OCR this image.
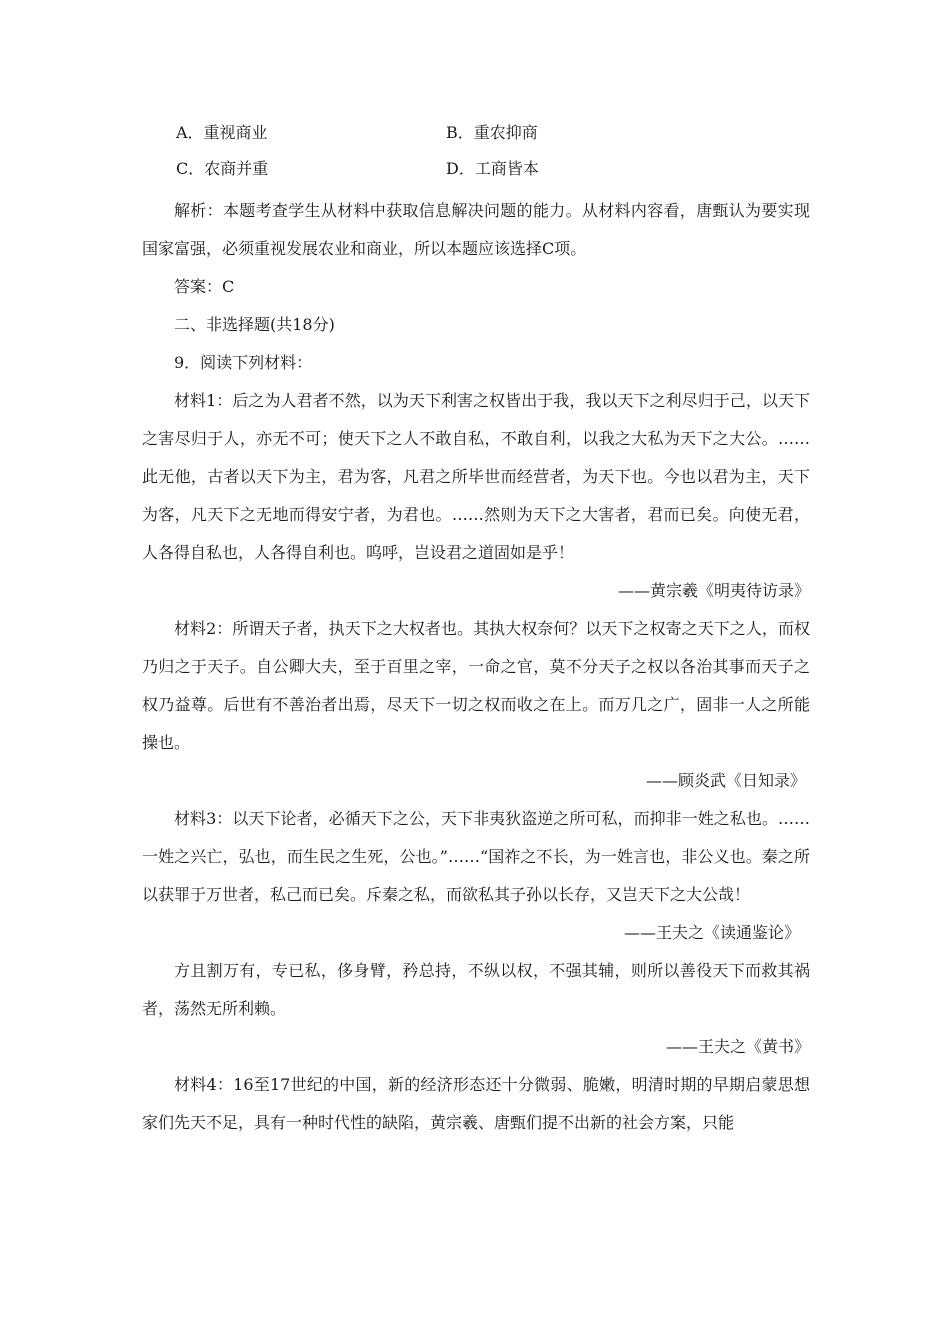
A．重视商业	B．重农抑商
C．农商并重	D．工商皆本

解析：本题考查学生从材料中获取信息解决问题的能力。从材料内容看，唐甄认为要实现国家富强，必须重视发展农业和商业，所以本题应该选择C项。

答案：C

二、非选择题(共18分)

9．阅读下列材料：

材料1：后之为人君者不然，以为天下利害之权皆出于我，我以天下之利尽归于己，以天下之害尽归于人，亦无不可；使天下之人不敢自私，不敢自利，以我之大私为天下之大公。……此无他，古者以天下为主，君为客，凡君之所毕世而经营者，为天下也。今也以君为主，天下为客，凡天下之无地而得安宁者，为君也。……然则为天下之大害者，君而已矣。向使无君，人各得自私也，人各得自利也。呜呼，岂设君之道固如是乎！

——黄宗羲《明夷待访录》

材料2：所谓天子者，执天下之大权者也。其执大权奈何？以天下之权寄之天下之人，而权乃归之于天子。自公卿大夫，至于百里之宰，一命之官，莫不分天子之权以各治其事而天子之权乃益尊。后世有不善治者出焉，尽天下一切之权而收之在上。而万几之广，固非一人之所能操也。

——顾炎武《日知录》

材料3：以天下论者，必循天下之公，天下非夷狄盗逆之所可私，而抑非一姓之私也。……一姓之兴亡，弘也，而生民之生死，公也。”……“国祚之不长，为一姓言也，非公义也。秦之所以获罪于万世者，私己而已矣。斥秦之私，而欲私其子孙以长存，又岂天下之大公哉！

——王夫之《读通鉴论》

方且割万有，专已私，侈身臂，矜总持，不纵以权，不强其辅，则所以善役天下而救其祸者，荡然无所利赖。

——王夫之《黄书》

材料4：16至17世纪的中国，新的经济形态还十分微弱、脆嫩，明清时期的早期启蒙思想家们先天不足，具有一种时代性的缺陷，黄宗羲、唐甄们提不出新的社会方案，只能
